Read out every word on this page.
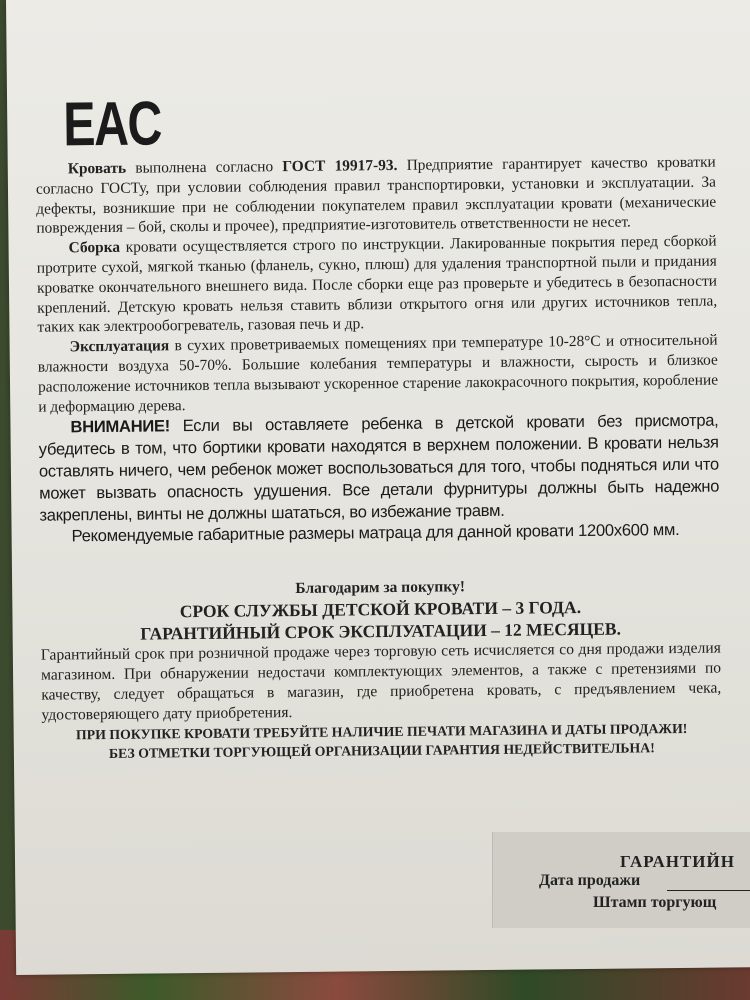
EAC

Кровать выполнена согласно ГОСТ 19917-93. Предприятие гарантирует качество кроватки согласно ГОСТу, при условии соблюдения правил транспортировки, установки и эксплуатации. За дефекты, возникшие при не соблюдении покупателем правил эксплуатации кровати (механические повреждения – бой, сколы и прочее), предприятие-изготовитель ответственности не несет.

Сборка кровати осуществляется строго по инструкции. Лакированные покрытия перед сборкой протрите сухой, мягкой тканью (фланель, сукно, плюш) для удаления транспортной пыли и придания кроватке окончательного внешнего вида. После сборки еще раз проверьте и убедитесь в безопасности креплений. Детскую кровать нельзя ставить вблизи открытого огня или других источников тепла, таких как электрообогреватель, газовая печь и др.

Эксплуатация в сухих проветриваемых помещениях при температуре 10-28°С и относительной влажности воздуха 50-70%. Большие колебания температуры и влажности, сырость и близкое расположение источников тепла вызывают ускоренное старение лакокрасочного покрытия, коробление и деформацию дерева.

ВНИМАНИЕ! Если вы оставляете ребенка в детской кровати без присмотра, убедитесь в том, что бортики кровати находятся в верхнем положении. В кровати нельзя оставлять ничего, чем ребенок может воспользоваться для того, чтобы подняться или что может вызвать опасность удушения. Все детали фурнитуры должны быть надежно закреплены, винты не должны шататься, во избежание травм.

Рекомендуемые габаритные размеры матраца для данной кровати 1200х600 мм.

Благодарим за покупку!
СРОК СЛУЖБЫ ДЕТСКОЙ КРОВАТИ – 3 ГОДА.
ГАРАНТИЙНЫЙ СРОК ЭКСПЛУАТАЦИИ – 12 МЕСЯЦЕВ.

Гарантийный срок при розничной продаже через торговую сеть исчисляется со дня продажи изделия магазином. При обнаружении недостачи комплектующих элементов, а также с претензиями по качеству, следует обращаться в магазин, где приобретена кровать, с предъявлением чека, удостоверяющего дату приобретения.

ПРИ ПОКУПКЕ КРОВАТИ ТРЕБУЙТЕ НАЛИЧИЕ ПЕЧАТИ МАГАЗИНА И ДАТЫ ПРОДАЖИ!
БЕЗ ОТМЕТКИ ТОРГУЮЩЕЙ ОРГАНИЗАЦИИ ГАРАНТИЯ НЕДЕЙСТВИТЕЛЬНА!
ГАРАНТИЙН
Дата продажи
Штамп торгующ
